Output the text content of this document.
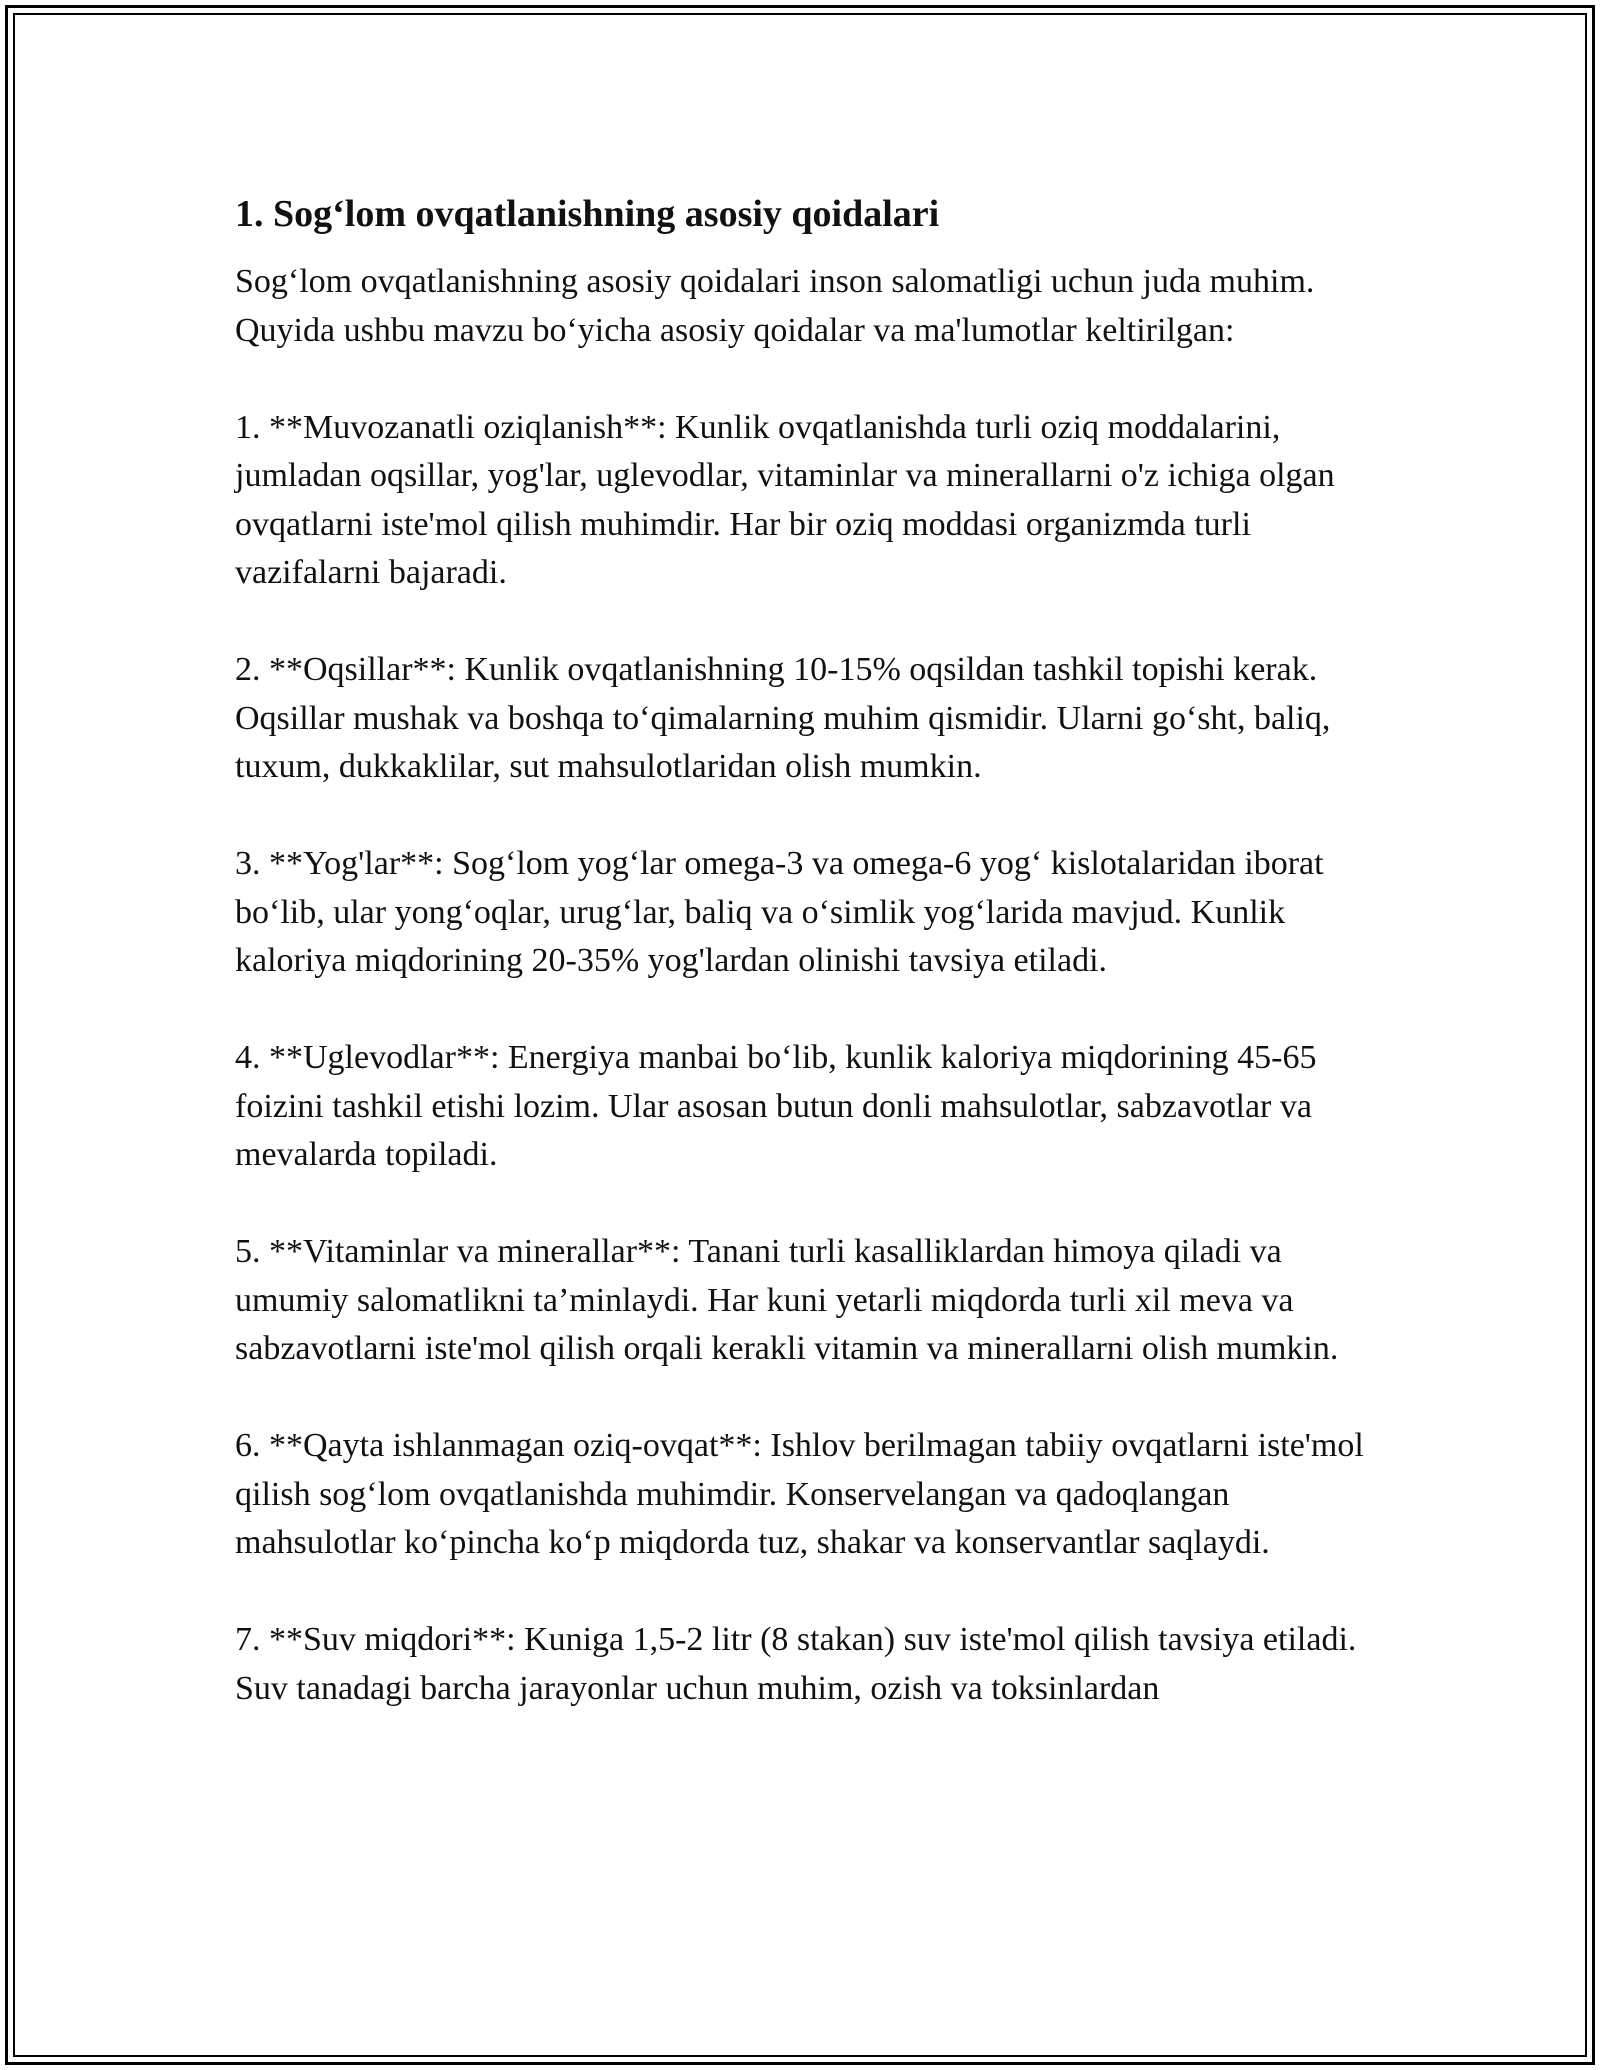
1. Sog‘lom ovqatlanishning asosiy qoidalari

Sog‘lom ovqatlanishning asosiy qoidalari inson salomatligi uchun juda muhim. Quyida ushbu mavzu bo‘yicha asosiy qoidalar va ma'lumotlar keltirilgan:

1. **Muvozanatli oziqlanish**: Kunlik ovqatlanishda turli oziq moddalarini, jumladan oqsillar, yog'lar, uglevodlar, vitaminlar va minerallarni o'z ichiga olgan ovqatlarni iste'mol qilish muhimdir. Har bir oziq moddasi organizmda turli vazifalarni bajaradi.

2. **Oqsillar**: Kunlik ovqatlanishning 10-15% oqsildan tashkil topishi kerak. Oqsillar mushak va boshqa to‘qimalarning muhim qismidir. Ularni go‘sht, baliq, tuxum, dukkaklilar, sut mahsulotlaridan olish mumkin.

3. **Yog'lar**: Sog‘lom yog‘lar omega-3 va omega-6 yog‘ kislotalaridan iborat bo‘lib, ular yong‘oqlar, urug‘lar, baliq va o‘simlik yog‘larida mavjud. Kunlik kaloriya miqdorining 20-35% yog'lardan olinishi tavsiya etiladi.

4. **Uglevodlar**: Energiya manbai bo‘lib, kunlik kaloriya miqdorining 45-65 foizini tashkil etishi lozim. Ular asosan butun donli mahsulotlar, sabzavotlar va mevalarda topiladi.

5. **Vitaminlar va minerallar**: Tanani turli kasalliklardan himoya qiladi va umumiy salomatlikni ta’minlaydi. Har kuni yetarli miqdorda turli xil meva va sabzavotlarni iste'mol qilish orqali kerakli vitamin va minerallarni olish mumkin.

6. **Qayta ishlanmagan oziq-ovqat**: Ishlov berilmagan tabiiy ovqatlarni iste'mol qilish sog‘lom ovqatlanishda muhimdir. Konservelangan va qadoqlangan mahsulotlar ko‘pincha ko‘p miqdorda tuz, shakar va konservantlar saqlaydi.

7. **Suv miqdori**: Kuniga 1,5-2 litr (8 stakan) suv iste'mol qilish tavsiya etiladi. Suv tanadagi barcha jarayonlar uchun muhim, ozish va toksinlardan
